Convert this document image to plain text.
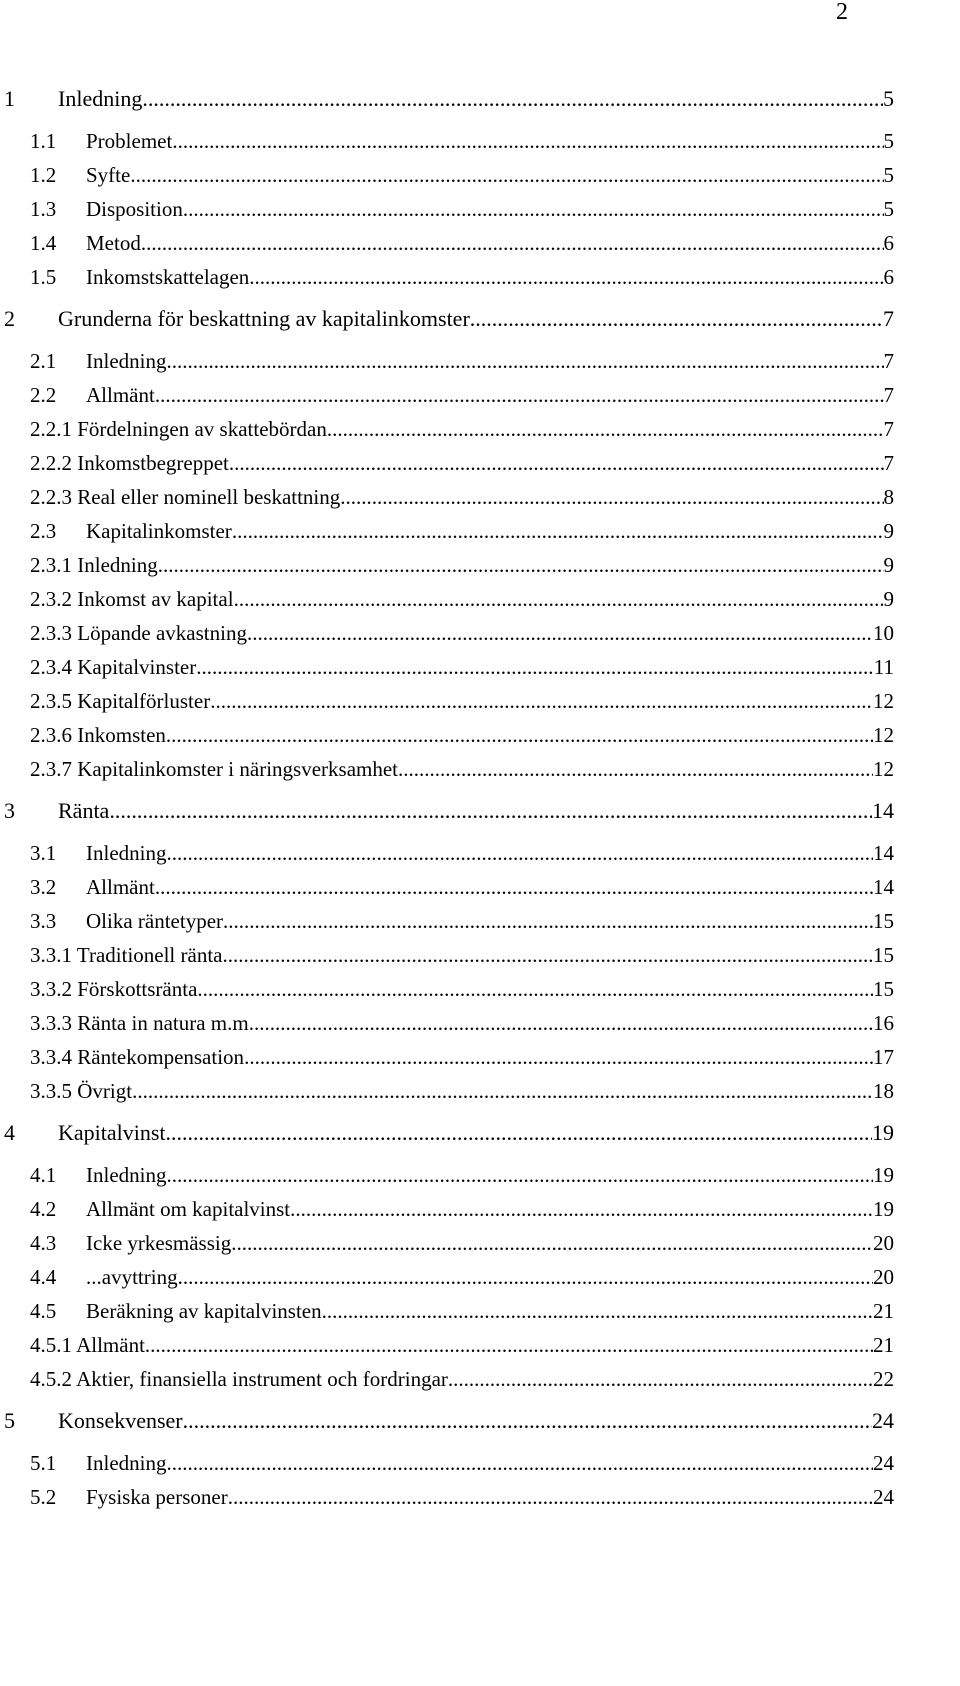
2
1 Inledning .....	5
1.1 Problemet .....	5
1.2 Syfte .....	5
1.3 Disposition .....	5
1.4 Metod .....	6
1.5 Inkomstskattelagen .....	6
2 Grunderna för beskattning av kapitalinkomster .....	7
2.1 Inledning .....	7
2.2 Allmänt .....	7
2.2.1 Fördelningen av skattebördan .....	7
2.2.2 Inkomstbegreppet .....	7
2.2.3 Real eller nominell beskattning .....	8
2.3 Kapitalinkomster .....	9
2.3.1 Inledning .....	9
2.3.2 Inkomst av kapital .....	9
2.3.3 Löpande avkastning .....	10
2.3.4 Kapitalvinster .....	11
2.3.5 Kapitalförluster .....	12
2.3.6 Inkomsten .....	12
2.3.7 Kapitalinkomster i näringsverksamhet .....	12
3 Ränta .....	14
3.1 Inledning .....	14
3.2 Allmänt .....	14
3.3 Olika räntetyper .....	15
3.3.1 Traditionell ränta .....	15
3.3.2 Förskottsränta .....	15
3.3.3 Ränta in natura m.m. .....	16
3.3.4 Räntekompensation .....	17
3.3.5 Övrigt .....	18
4 Kapitalvinst .....	19
4.1 Inledning .....	19
4.2 Allmänt om kapitalvinst .....	19
4.3 Icke yrkesmässig... .....	20
4.4 ...avyttring .....	20
4.5 Beräkning av kapitalvinsten .....	21
4.5.1 Allmänt .....	21
4.5.2 Aktier, finansiella instrument och fordringar .....	22
5 Konsekvenser .....	24
5.1 Inledning .....	24
5.2 Fysiska personer .....	24
